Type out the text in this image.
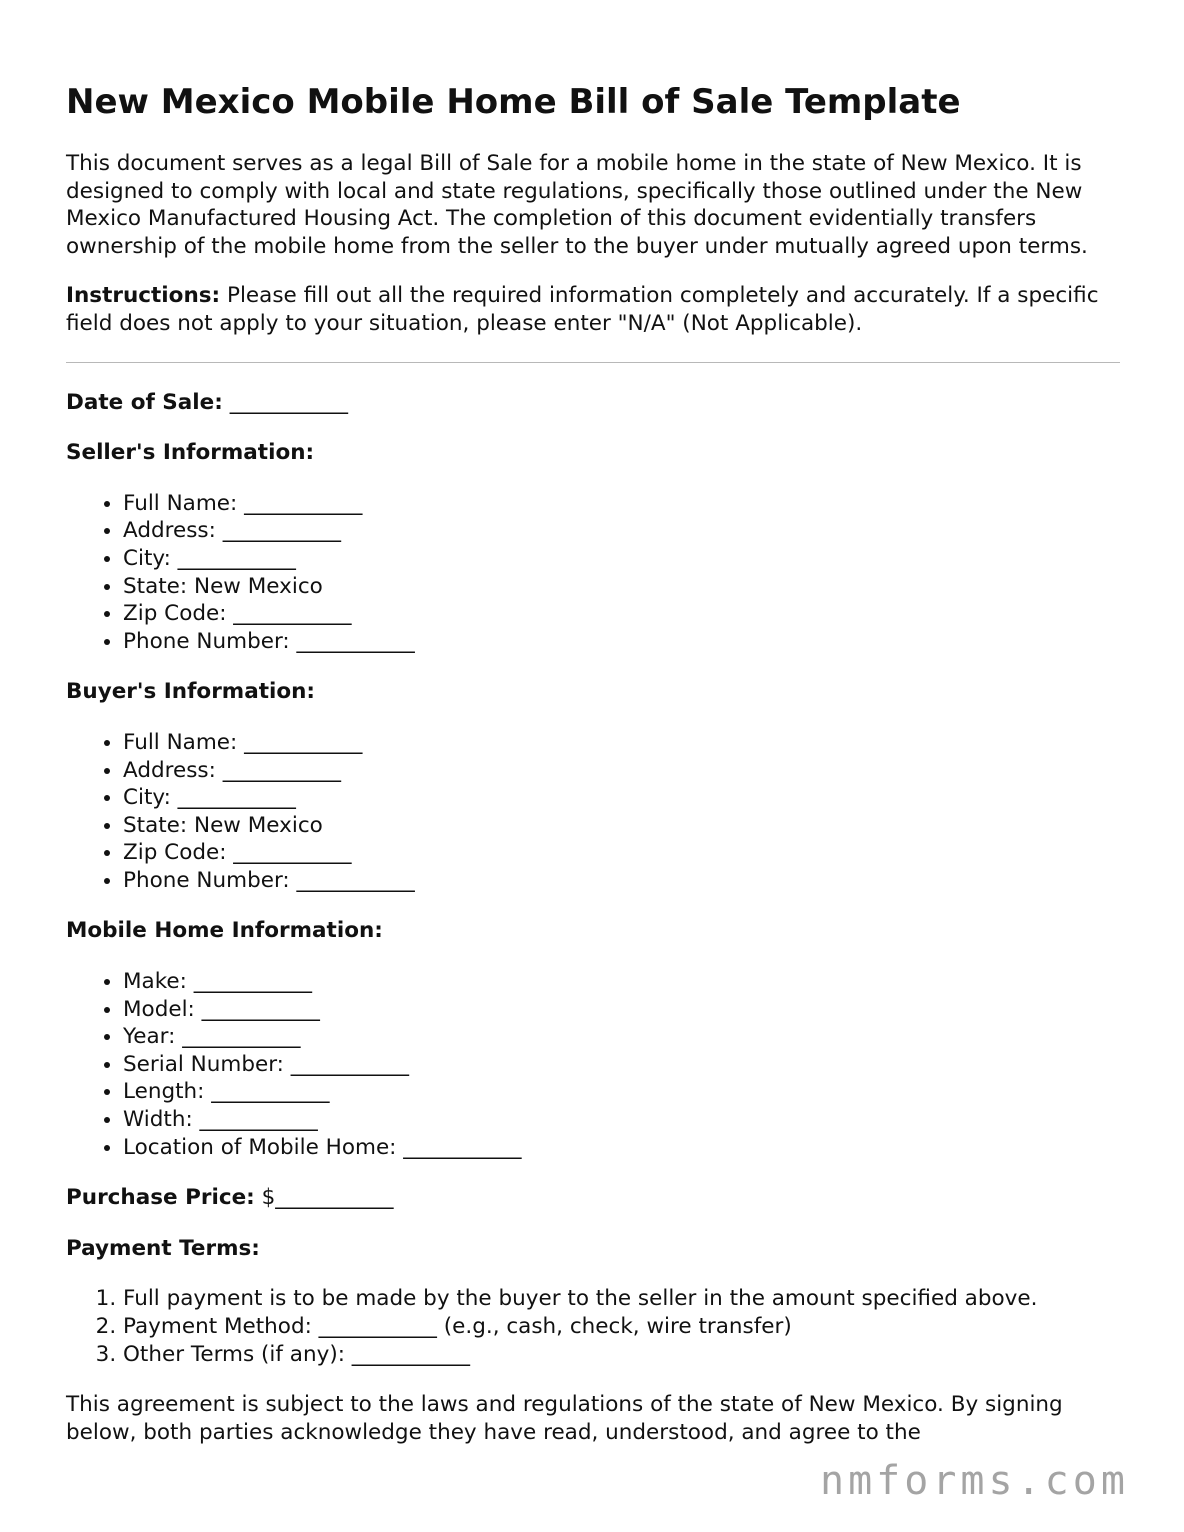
New Mexico Mobile Home Bill of Sale Template

This document serves as a legal Bill of Sale for a mobile home in the state of New Mexico. It is designed to comply with local and state regulations, specifically those outlined under the New Mexico Manufactured Housing Act. The completion of this document evidentially transfers ownership of the mobile home from the seller to the buyer under mutually agreed upon terms.

Instructions: Please fill out all the required information completely and accurately. If a specific field does not apply to your situation, please enter "N/A" (Not Applicable).

Date of Sale: ___________

Seller's Information:

• Full Name: ___________
• Address: ___________
• City: ___________
• State: New Mexico
• Zip Code: ___________
• Phone Number: ___________

Buyer's Information:

• Full Name: ___________
• Address: ___________
• City: ___________
• State: New Mexico
• Zip Code: ___________
• Phone Number: ___________

Mobile Home Information:

• Make: ___________
• Model: ___________
• Year: ___________
• Serial Number: ___________
• Length: ___________
• Width: ___________
• Location of Mobile Home: ___________

Purchase Price: $___________

Payment Terms:

1. Full payment is to be made by the buyer to the seller in the amount specified above.
2. Payment Method: ___________ (e.g., cash, check, wire transfer)
3. Other Terms (if any): ___________

This agreement is subject to the laws and regulations of the state of New Mexico. By signing below, both parties acknowledge they have read, understood, and agree to the

nmforms.com
